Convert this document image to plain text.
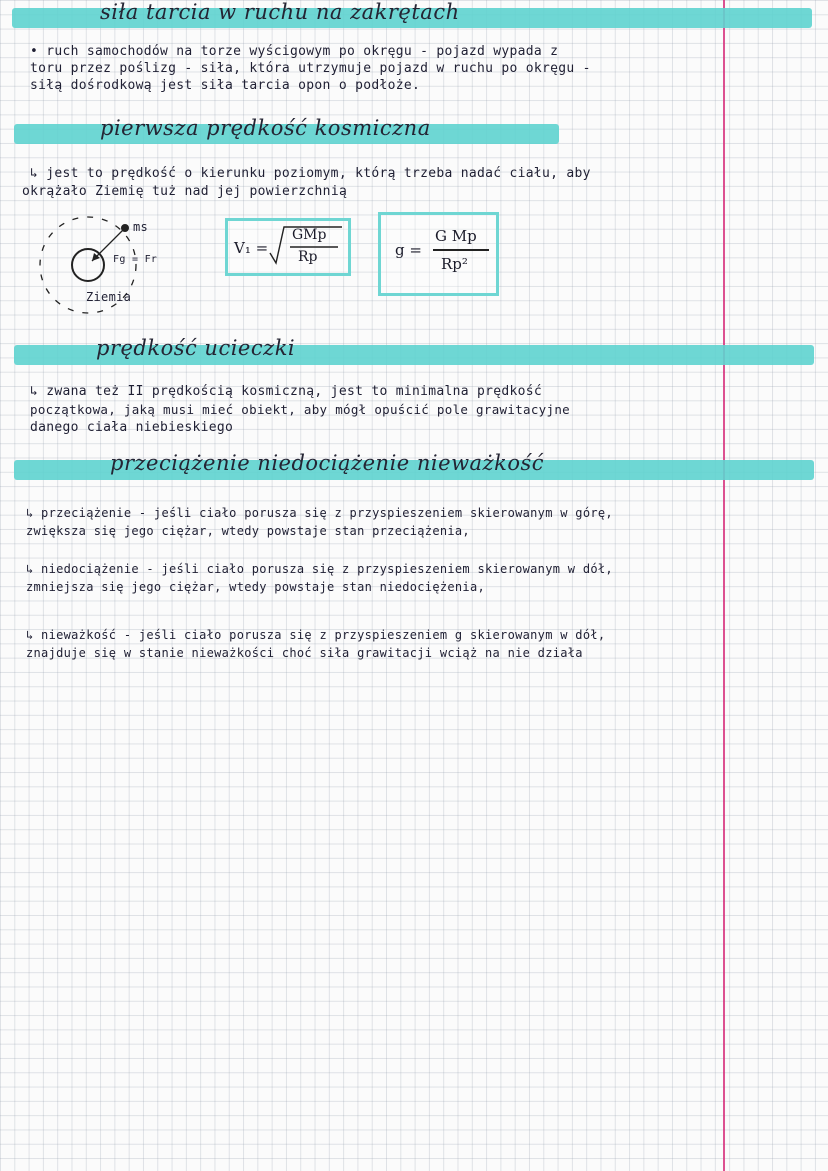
siła tarcia w ruchu na zakrętach
• ruch samochodów na torze wyścigowym po okręgu - pojazd wypada z
toru przez poślizg - siła, która utrzymuje pojazd w ruchu po okręgu -
siłą dośrodkową jest siła tarcia opon o podłoże.
pierwsza prędkość kosmiczna
↳ jest to prędkość o kierunku poziomym, którą trzeba nadać ciału, aby
okrążało Ziemię tuż nad jej powierzchnią
ms
Fg = Fr
Ziemia
V₁ =
GMp
Rp	g =
G Mp
Rp²
prędkość ucieczki
↳ zwana też II prędkością kosmiczną, jest to minimalna prędkość
początkowa, jaką musi mieć obiekt, aby mógł opuścić pole grawitacyjne
danego ciała niebieskiego
przeciążenie niedociążenie nieważkość
↳ przeciążenie - jeśli ciało porusza się z przyspieszeniem skierowanym w górę,
zwiększa się jego ciężar, wtedy powstaje stan przeciążenia,
↳ niedociążenie - jeśli ciało porusza się z przyspieszeniem skierowanym w dół,
zmniejsza się jego ciężar, wtedy powstaje stan niedociężenia,
↳ nieważkość - jeśli ciało porusza się z przyspieszeniem g skierowanym w dół,
znajduje się w stanie nieważkości choć siła grawitacji wciąż na nie działa
